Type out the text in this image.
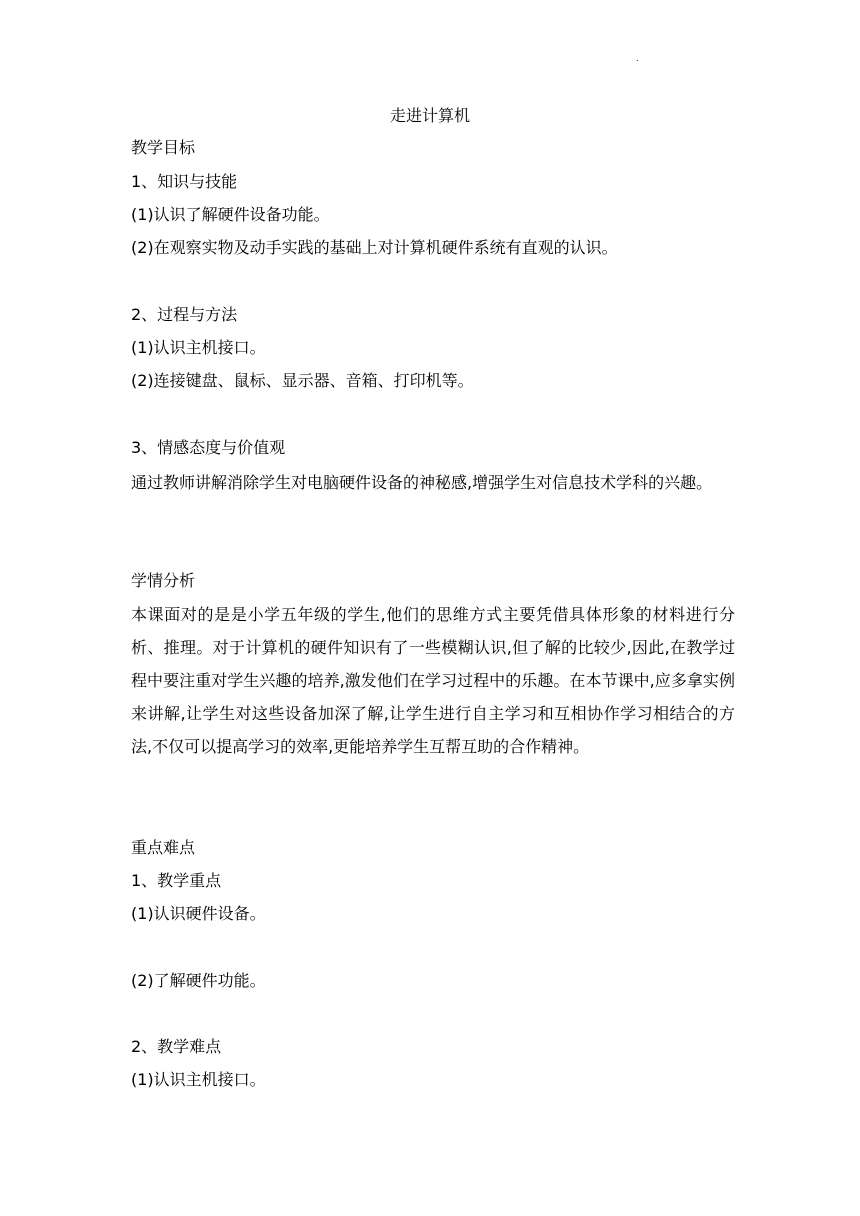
.
走进计算机
教学目标
1、知识与技能
(1)认识了解硬件设备功能。
(2)在观察实物及动手实践的基础上对计算机硬件系统有直观的认识。
2、过程与方法
(1)认识主机接口。
(2)连接键盘、鼠标、显示器、音箱、打印机等。
3、情感态度与价值观
通过教师讲解消除学生对电脑硬件设备的神秘感,增强学生对信息技术学科的兴趣。
学情分析
本课面对的是是小学五年级的学生,他们的思维方式主要凭借具体形象的材料进行分析、推理。对于计算机的硬件知识有了一些模糊认识,但了解的比较少,因此,在教学过程中要注重对学生兴趣的培养,激发他们在学习过程中的乐趣。在本节课中,应多拿实例来讲解,让学生对这些设备加深了解,让学生进行自主学习和互相协作学习相结合的方法,不仅可以提高学习的效率,更能培养学生互帮互助的合作精神。
重点难点
1、教学重点
(1)认识硬件设备。
(2)了解硬件功能。
2、教学难点
(1)认识主机接口。
